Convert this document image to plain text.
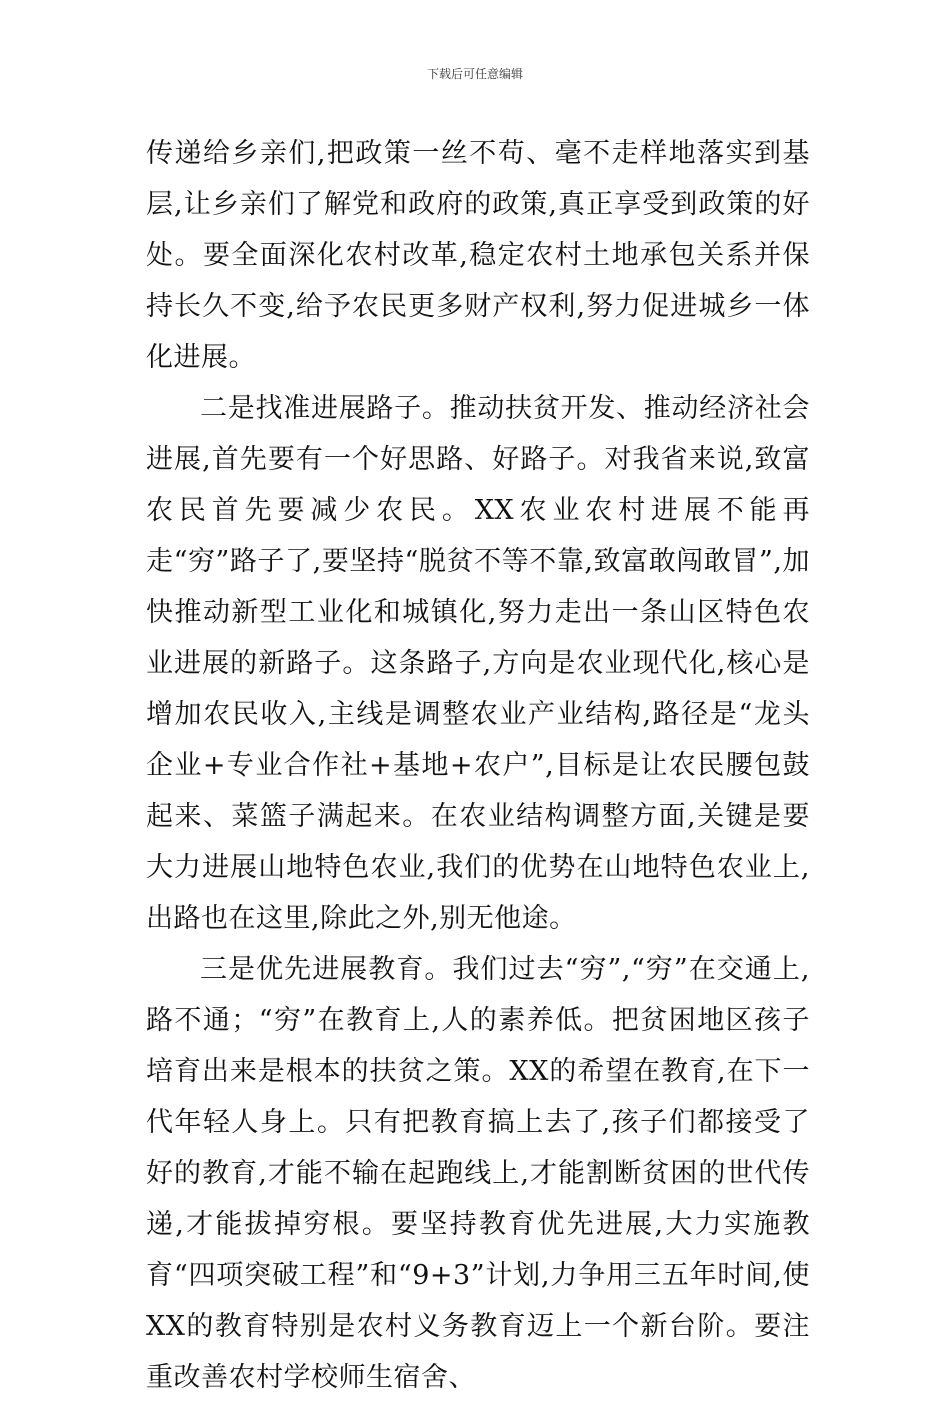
下载后可任意编辑

传递给乡亲们,把政策一丝不苟、毫不走样地落实到基层,让乡亲们了解党和政府的政策,真正享受到政策的好处。要全面深化农村改革,稳定农村土地承包关系并保持长久不变,给予农民更多财产权利,努力促进城乡一体化进展。

二是找准进展路子。推动扶贫开发、推动经济社会进展,首先要有一个好思路、好路子。对我省来说,致富农民首先要减少农民。XX农业农村进展不能再走“穷”路子了,要坚持“脱贫不等不靠,致富敢闯敢冒”,加快推动新型工业化和城镇化,努力走出一条山区特色农业进展的新路子。这条路子,方向是农业现代化,核心是增加农民收入,主线是调整农业产业结构,路径是“龙头企业+专业合作社+基地+农户”,目标是让农民腰包鼓起来、菜篮子满起来。在农业结构调整方面,关键是要大力进展山地特色农业,我们的优势在山地特色农业上,出路也在这里,除此之外,别无他途。

三是优先进展教育。我们过去“穷”,“穷”在交通上,路不通；“穷”在教育上,人的素养低。把贫困地区孩子培育出来是根本的扶贫之策。XX的希望在教育,在下一代年轻人身上。只有把教育搞上去了,孩子们都接受了好的教育,才能不输在起跑线上,才能割断贫困的世代传递,才能拔掉穷根。要坚持教育优先进展,大力实施教育“四项突破工程”和“9+3”计划,力争用三五年时间,使XX的教育特别是农村义务教育迈上一个新台阶。要注重改善农村学校师生宿舍、
